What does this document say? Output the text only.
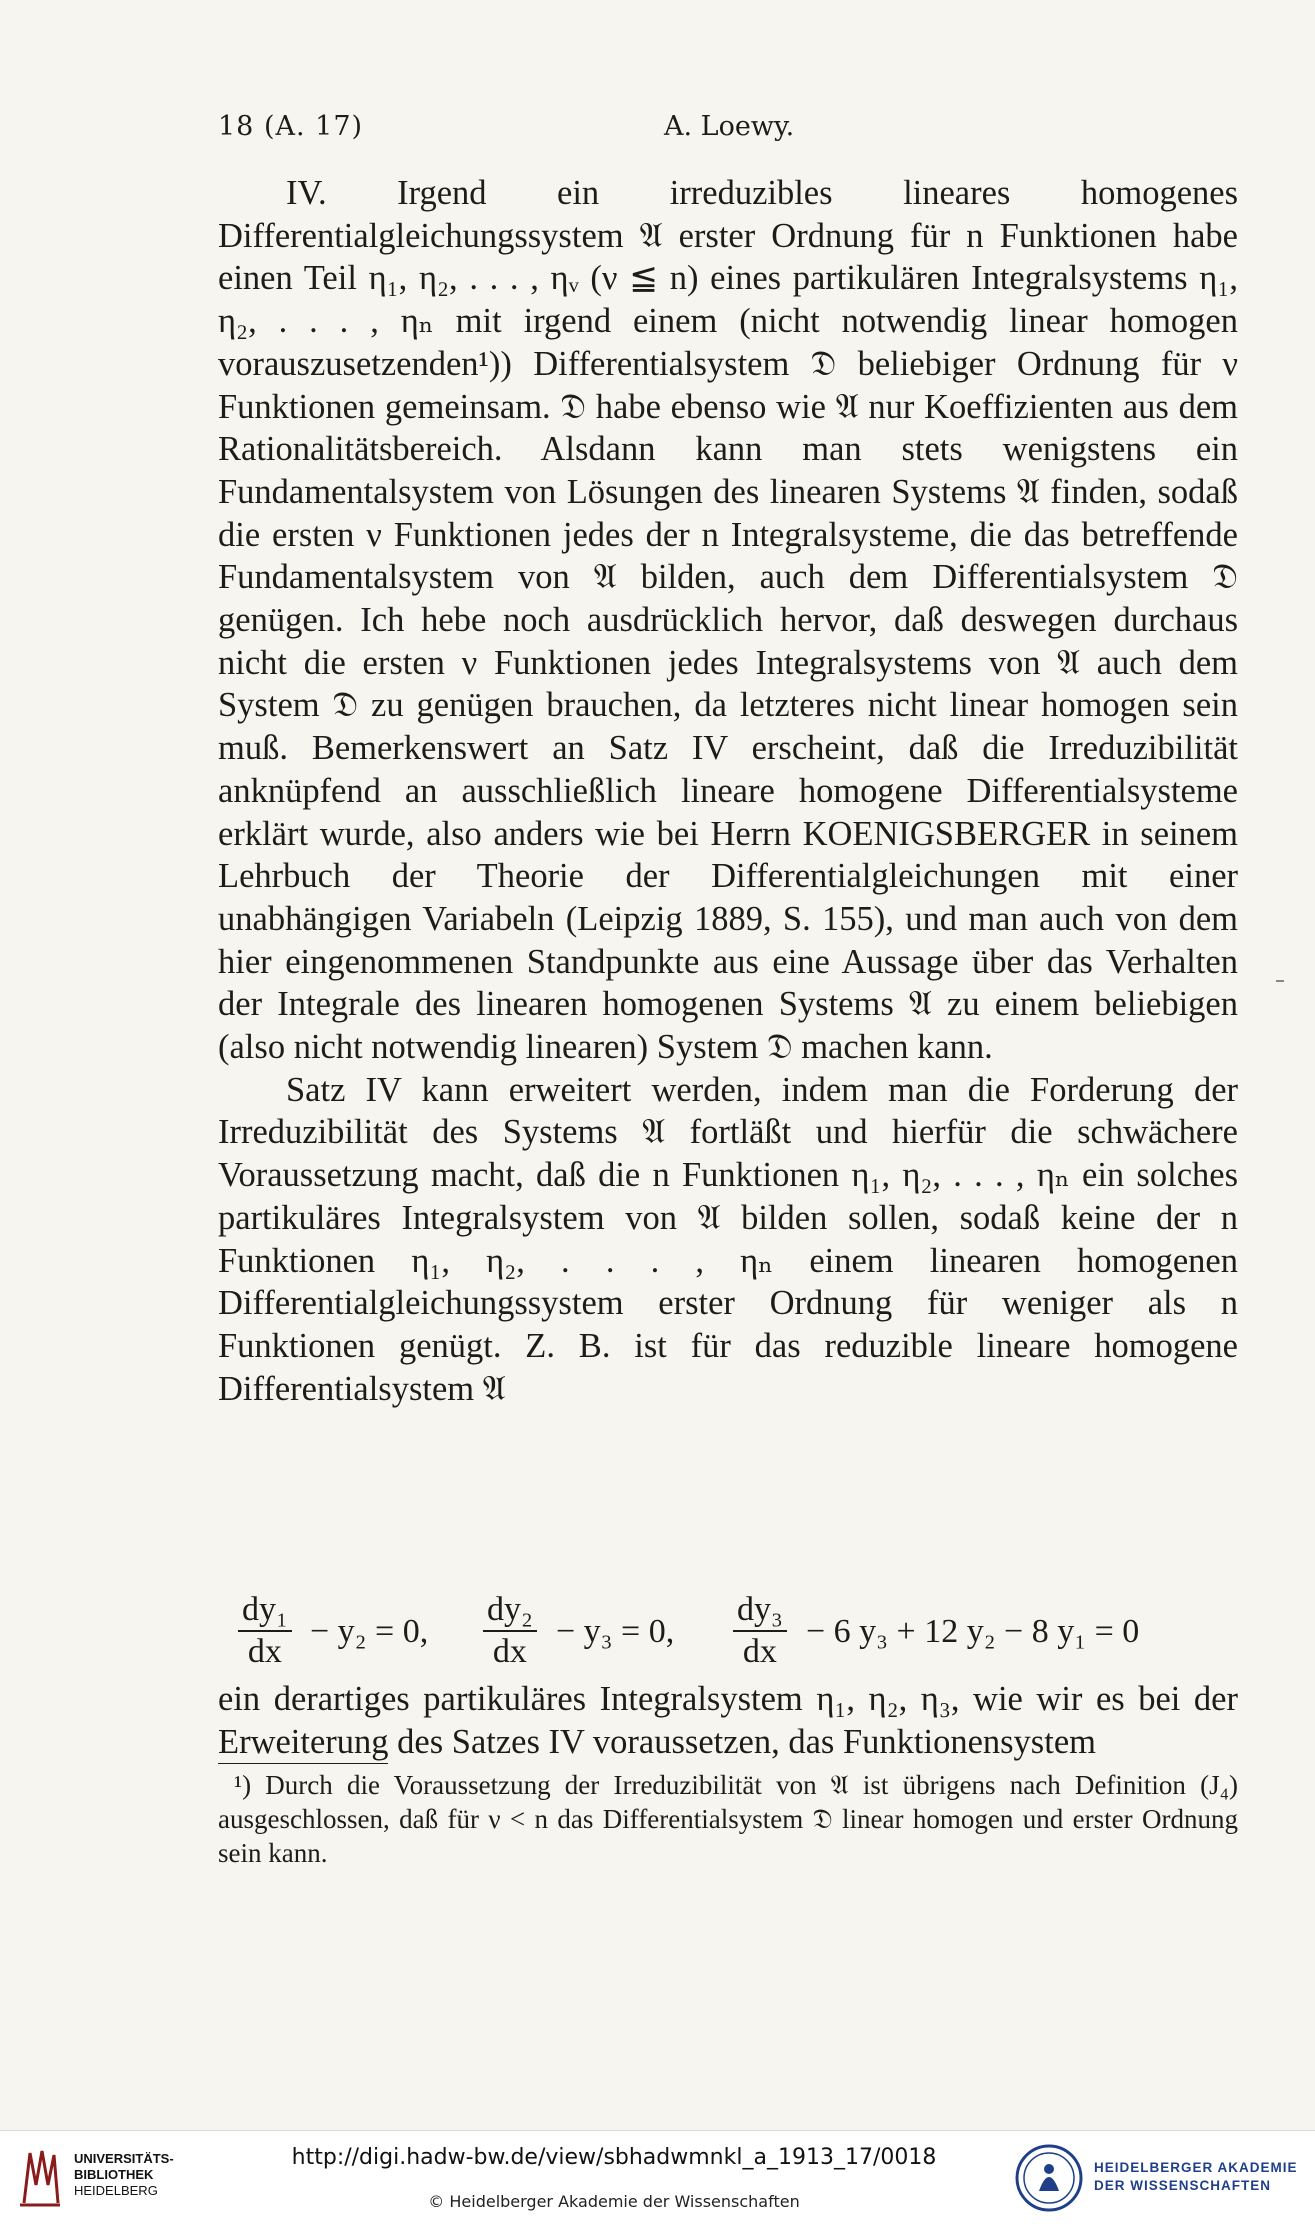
18 (A. 17)	A. Loewy.

IV. Irgend ein irreduzibles lineares homogenes Differentialgleichungssystem 𝔄 erster Ordnung für n Funktionen habe einen Teil η₁, η₂, . . . , ηᵥ (ν ≦ n) eines partikulären Integralsystems η₁, η₂, . . . , ηₙ mit irgend einem (nicht notwendig linear homogen vorauszusetzenden¹)) Differentialsystem 𝔇 beliebiger Ordnung für ν Funktionen gemeinsam. 𝔇 habe ebenso wie 𝔄 nur Koeffizienten aus dem Rationalitätsbereich. Alsdann kann man stets wenigstens ein Fundamentalsystem von Lösungen des linearen Systems 𝔄 finden, sodaß die ersten ν Funktionen jedes der n Integralsysteme, die das betreffende Fundamentalsystem von 𝔄 bilden, auch dem Differentialsystem 𝔇 genügen. Ich hebe noch ausdrücklich hervor, daß deswegen durchaus nicht die ersten ν Funktionen jedes Integralsystems von 𝔄 auch dem System 𝔇 zu genügen brauchen, da letzteres nicht linear homogen sein muß. Bemerkenswert an Satz IV erscheint, daß die Irreduzibilität anknüpfend an ausschließlich lineare homogene Differentialsysteme erklärt wurde, also anders wie bei Herrn KOENIGSBERGER in seinem Lehrbuch der Theorie der Differentialgleichungen mit einer unabhängigen Variabeln (Leipzig 1889, S. 155), und man auch von dem hier eingenommenen Standpunkte aus eine Aussage über das Verhalten der Integrale des linearen homogenen Systems 𝔄 zu einem beliebigen (also nicht notwendig linearen) System 𝔇 machen kann.

Satz IV kann erweitert werden, indem man die Forderung der Irreduzibilität des Systems 𝔄 fortläßt und hierfür die schwächere Voraussetzung macht, daß die n Funktionen η₁, η₂, . . . , ηₙ ein solches partikuläres Integralsystem von 𝔄 bilden sollen, sodaß keine der n Funktionen η₁, η₂, . . . , ηₙ einem linearen homogenen Differentialgleichungssystem erster Ordnung für weniger als n Funktionen genügt. Z. B. ist für das reduzible lineare homogene Differentialsystem 𝔄

$\frac{\text{dy₁}}{dx} - y_2 = 0$, $\frac{\text{dy₂}}{dx} - y_3 = 0$, $\frac{\text{dy₃}}{dx} - 6$ y₃ + 12 y₂ − 8 y₁ = 0

ein derartiges partikuläres Integralsystem η₁, η₂, η₃, wie wir es bei der Erweiterung des Satzes IV voraussetzen, das Funktionensystem

¹) Durch die Voraussetzung der Irreduzibilität von 𝔄 ist übrigens nach Definition (J₄) ausgeschlossen, daß für ν < n das Differentialsystem 𝔇 linear homogen und erster Ordnung sein kann.

UNIVERSITÄTS-
BIBLIOTHEK
HEIDELBERG
http://digi.hadw-bw.de/view/sbhadwmnkl_a_1913_17/0018
© Heidelberger Akademie der Wissenschaften
HEIDELBERGER AKADEMIE
DER WISSENSCHAFTEN
